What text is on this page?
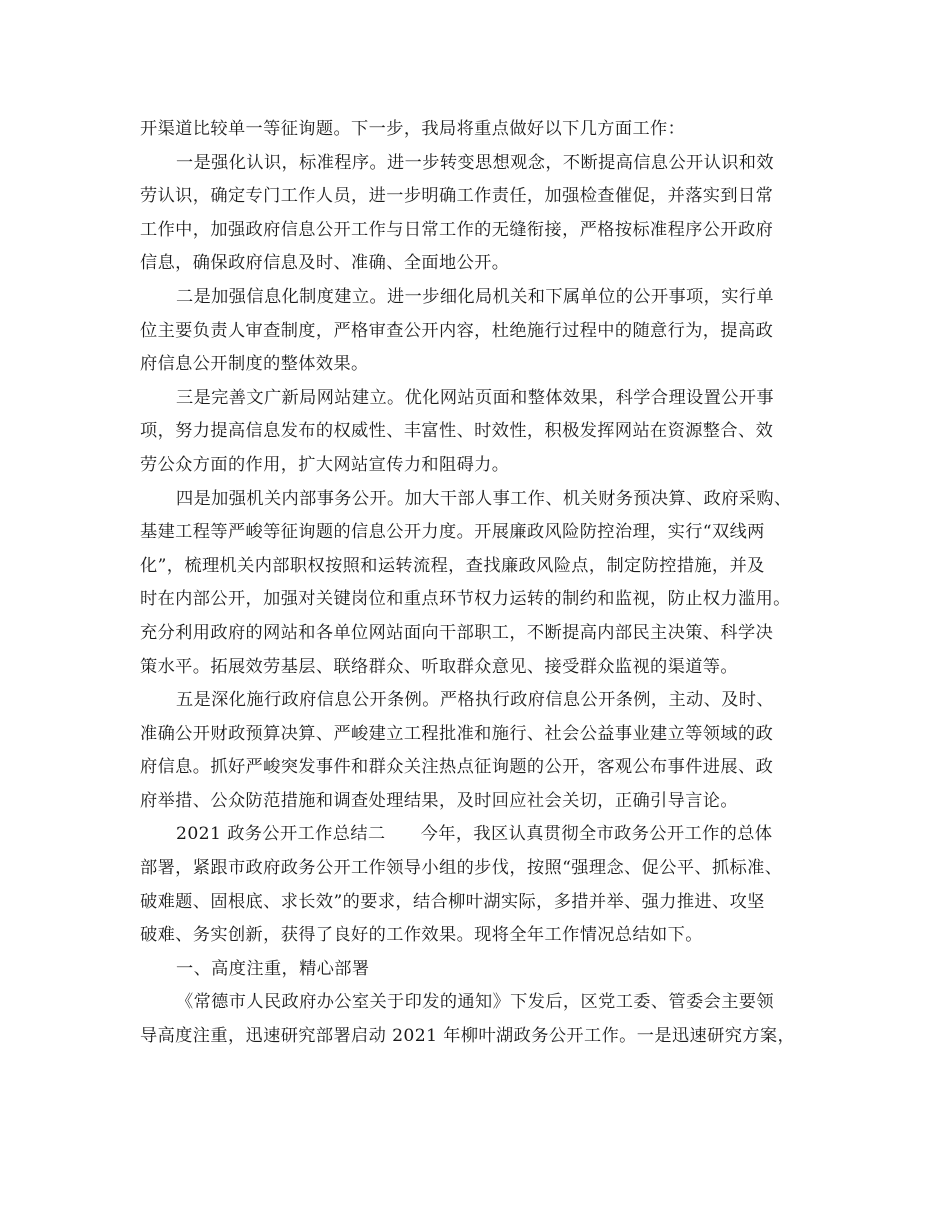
开渠道比较单一等征询题。下一步，我局将重点做好以下几方面工作：
一是强化认识，标准程序。进一步转变思想观念，不断提高信息公开认识和效
劳认识，确定专门工作人员，进一步明确工作责任，加强检查催促，并落实到日常
工作中，加强政府信息公开工作与日常工作的无缝衔接，严格按标准程序公开政府
信息，确保政府信息及时、准确、全面地公开。
二是加强信息化制度建立。进一步细化局机关和下属单位的公开事项，实行单
位主要负责人审查制度，严格审查公开内容，杜绝施行过程中的随意行为，提高政
府信息公开制度的整体效果。
三是完善文广新局网站建立。优化网站页面和整体效果，科学合理设置公开事
项，努力提高信息发布的权威性、丰富性、时效性，积极发挥网站在资源整合、效
劳公众方面的作用，扩大网站宣传力和阻碍力。
四是加强机关内部事务公开。加大干部人事工作、机关财务预决算、政府采购、
基建工程等严峻等征询题的信息公开力度。开展廉政风险防控治理，实行“双线两
化”，梳理机关内部职权按照和运转流程，查找廉政风险点，制定防控措施，并及
时在内部公开，加强对关键岗位和重点环节权力运转的制约和监视，防止权力滥用。
充分利用政府的网站和各单位网站面向干部职工，不断提高内部民主决策、科学决
策水平。拓展效劳基层、联络群众、听取群众意见、接受群众监视的渠道等。
五是深化施行政府信息公开条例。严格执行政府信息公开条例，主动、及时、
准确公开财政预算决算、严峻建立工程批准和施行、社会公益事业建立等领域的政
府信息。抓好严峻突发事件和群众关注热点征询题的公开，客观公布事件进展、政
府举措、公众防范措施和调查处理结果，及时回应社会关切，正确引导言论。
2021 政务公开工作总结二　　今年，我区认真贯彻全市政务公开工作的总体
部署，紧跟市政府政务公开工作领导小组的步伐，按照“强理念、促公平、抓标准、
破难题、固根底、求长效”的要求，结合柳叶湖实际，多措并举、强力推进、攻坚
破难、务实创新，获得了良好的工作效果。现将全年工作情况总结如下。
一、高度注重，精心部署
《常德市人民政府办公室关于印发的通知》下发后，区党工委、管委会主要领
导高度注重，迅速研究部署启动 2021 年柳叶湖政务公开工作。一是迅速研究方案，
